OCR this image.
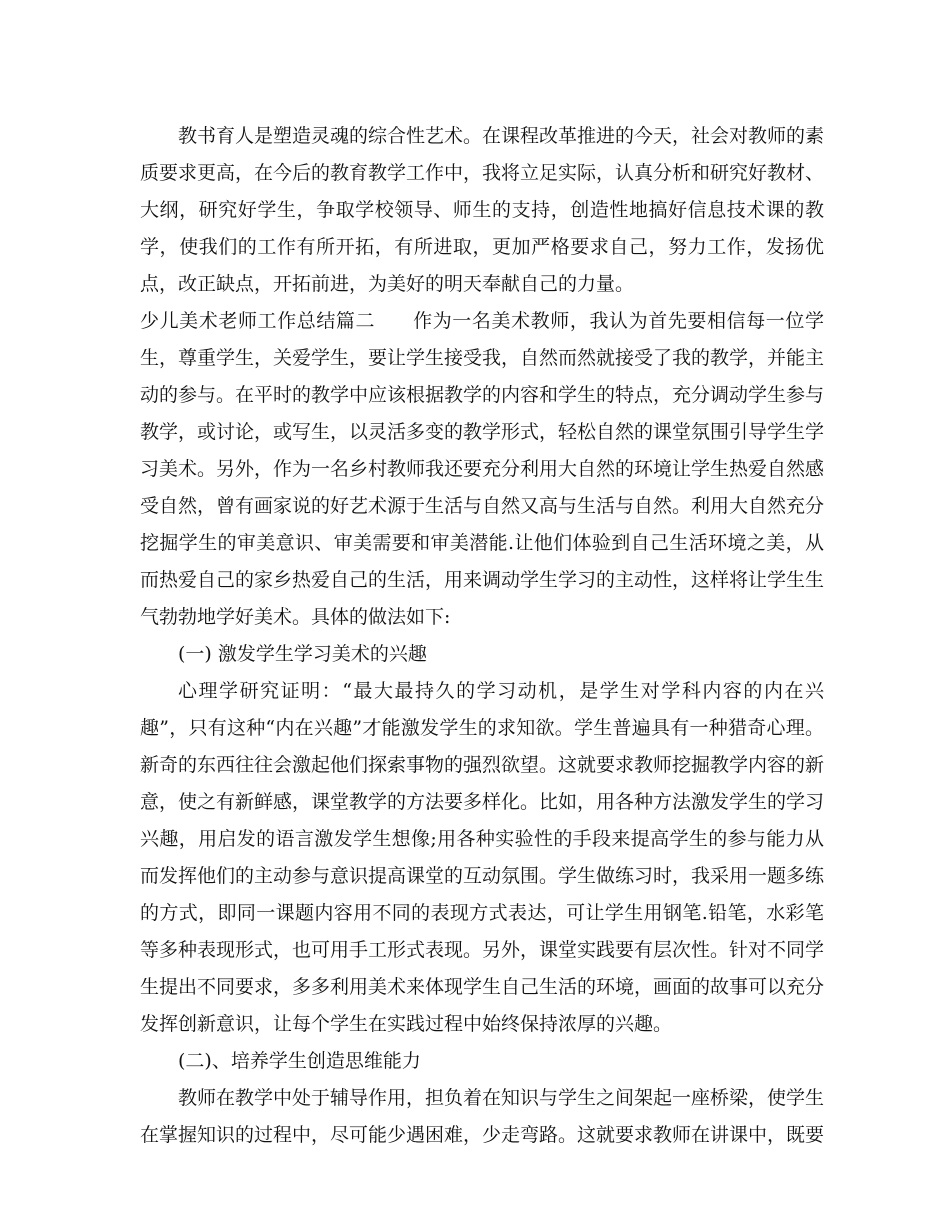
教书育人是塑造灵魂的综合性艺术。在课程改革推进的今天，社会对教师的素质要求更高，在今后的教育教学工作中，我将立足实际，认真分析和研究好教材、大纲，研究好学生，争取学校领导、师生的支持，创造性地搞好信息技术课的教学，使我们的工作有所开拓，有所进取，更加严格要求自己，努力工作，发扬优点，改正缺点，开拓前进，为美好的明天奉献自己的力量。

少儿美术老师工作总结篇二 作为一名美术教师，我认为首先要相信每一位学生，尊重学生，关爱学生，要让学生接受我，自然而然就接受了我的教学，并能主动的参与。在平时的教学中应该根据教学的内容和学生的特点，充分调动学生参与教学，或讨论，或写生，以灵活多变的教学形式，轻松自然的课堂氛围引导学生学习美术。另外，作为一名乡村教师我还要充分利用大自然的环境让学生热爱自然感受自然，曾有画家说的好艺术源于生活与自然又高与生活与自然。利用大自然充分挖掘学生的审美意识、审美需要和审美潜能.让他们体验到自己生活环境之美，从而热爱自己的家乡热爱自己的生活，用来调动学生学习的主动性，这样将让学生生气勃勃地学好美术。具体的做法如下:

(一) 激发学生学习美术的兴趣

心理学研究证明：“最大最持久的学习动机，是学生对学科内容的内在兴趣”，只有这种“内在兴趣”才能激发学生的求知欲。学生普遍具有一种猎奇心理。新奇的东西往往会激起他们探索事物的强烈欲望。这就要求教师挖掘教学内容的新意，使之有新鲜感，课堂教学的方法要多样化。比如，用各种方法激发学生的学习兴趣，用启发的语言激发学生想像;用各种实验性的手段来提高学生的参与能力从而发挥他们的主动参与意识提高课堂的互动氛围。学生做练习时，我采用一题多练的方式，即同一课题内容用不同的表现方式表达，可让学生用钢笔.铅笔，水彩笔等多种表现形式，也可用手工形式表现。另外，课堂实践要有层次性。针对不同学生提出不同要求，多多利用美术来体现学生自己生活的环境，画面的故事可以充分发挥创新意识，让每个学生在实践过程中始终保持浓厚的兴趣。

(二)、培养学生创造思维能力

教师在教学中处于辅导作用，担负着在知识与学生之间架起一座桥梁，使学生在掌握知识的过程中，尽可能少遇困难，少走弯路。这就要求教师在讲课中，既要
